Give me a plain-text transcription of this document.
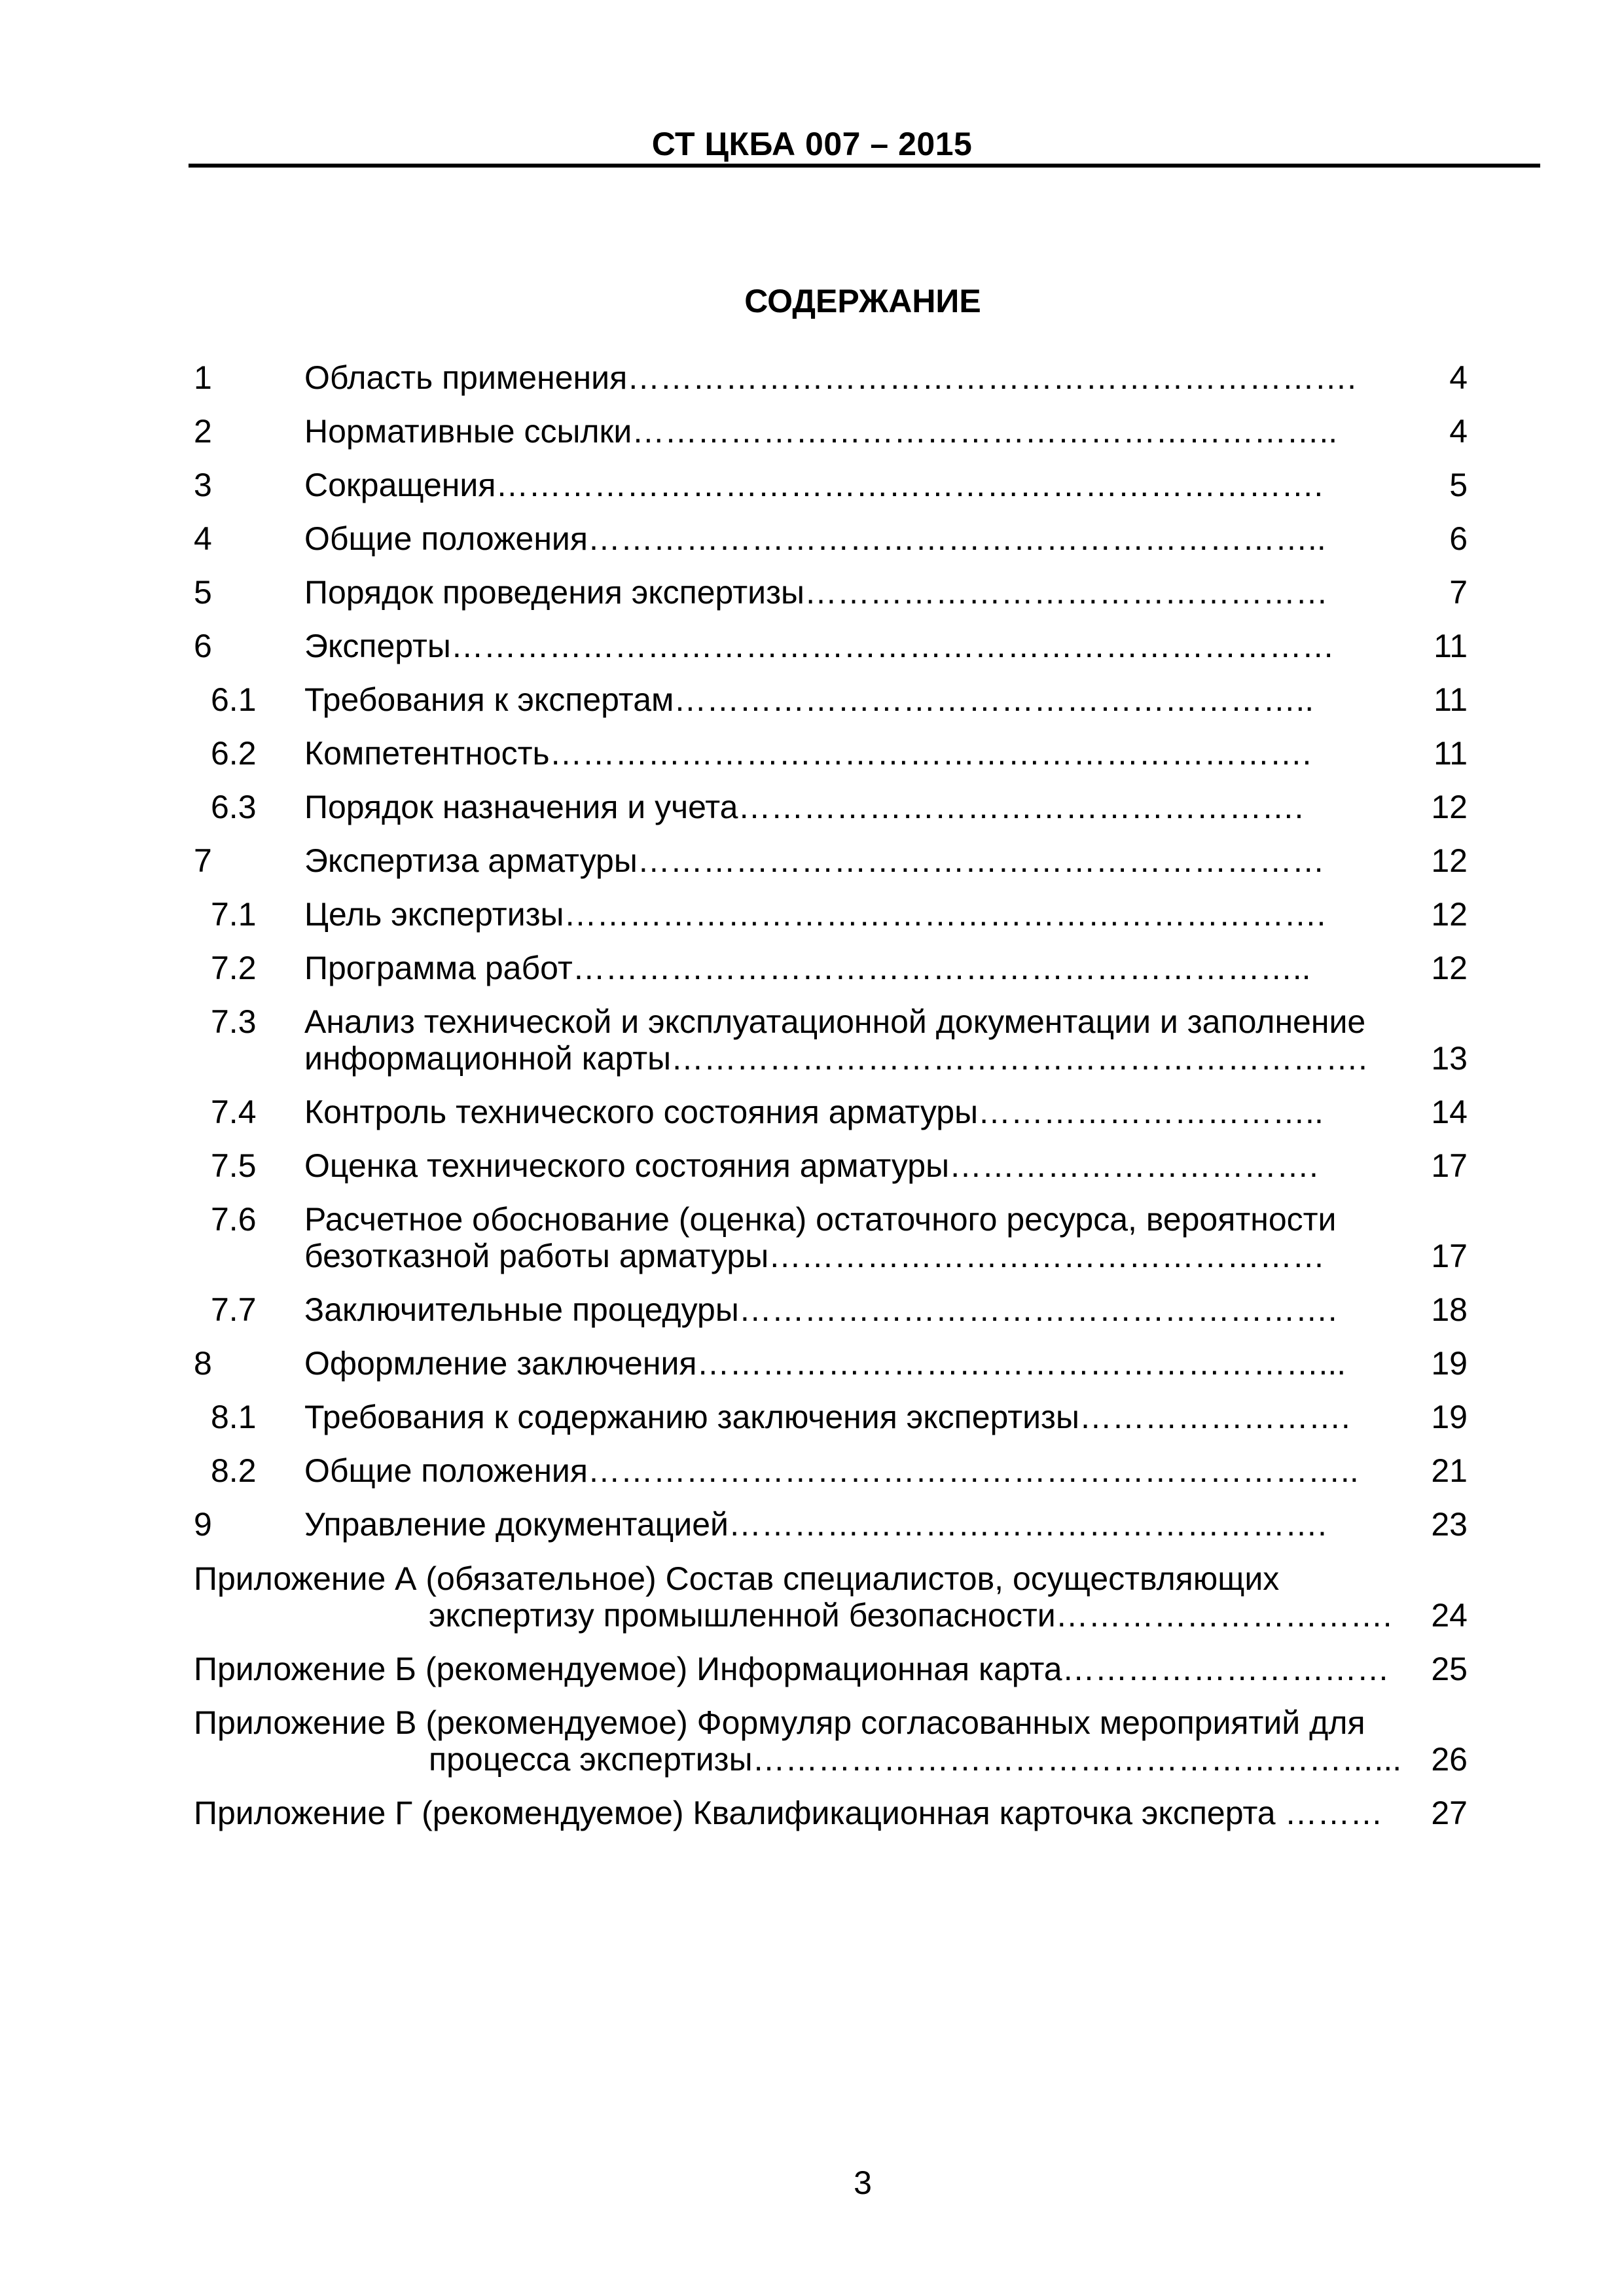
СТ ЦКБА 007 – 2015
СОДЕРЖАНИЕ
1	Область применения………………………………………………………….	4
2	Нормативные ссылки………………………………………………………..	4
3	Сокращения………………………………………………………………….	5
4	Общие положения…………………………………………………………..	6
5	Порядок проведения экспертизы…………………………………………	7
6	Эксперты………………………………………………………………………	11
6.1 Требования к экспертам…………………………………………………..	11
6.2 Компетентность…………………………………………………………….	11
6.3 Порядок назначения и учета…………………………………………….	12
7	Экспертиза арматуры………………………………………………………	12
7.1 Цель экспертизы…………………………………………………………….	12
7.2 Программа работ…………………………………………………………..	12
7.3 Анализ технической и эксплуатационной документации и заполнение
информационной карты……………………………………………………….	13
7.4 Контроль технического состояния арматуры…………………………..	14
7.5 Оценка технического состояния арматуры…………………………….	17
7.6 Расчетное обоснование (оценка) остаточного ресурса, вероятности
безотказной работы арматуры……………………………………………	17
7.7 Заключительные процедуры……………………………………………….	18
8	Оформление заключения…………………………………………………...	19
8.1 Требования к содержанию заключения экспертизы…………………….	19
8.2 Общие положения……………………………………………………………..	21
9	Управление документацией……………………………………………….	23
Приложение А (обязательное) Состав специалистов, осуществляющих
экспертизу промышленной безопасности………………………….	24
Приложение Б (рекомендуемое) Информационная карта…………………………	25
Приложение В (рекомендуемое) Формуляр согласованных мероприятий для
процесса экспертизы…………………………………………………... 26
Приложение Г (рекомендуемое) Квалификационная карточка эксперта ………	27
3
